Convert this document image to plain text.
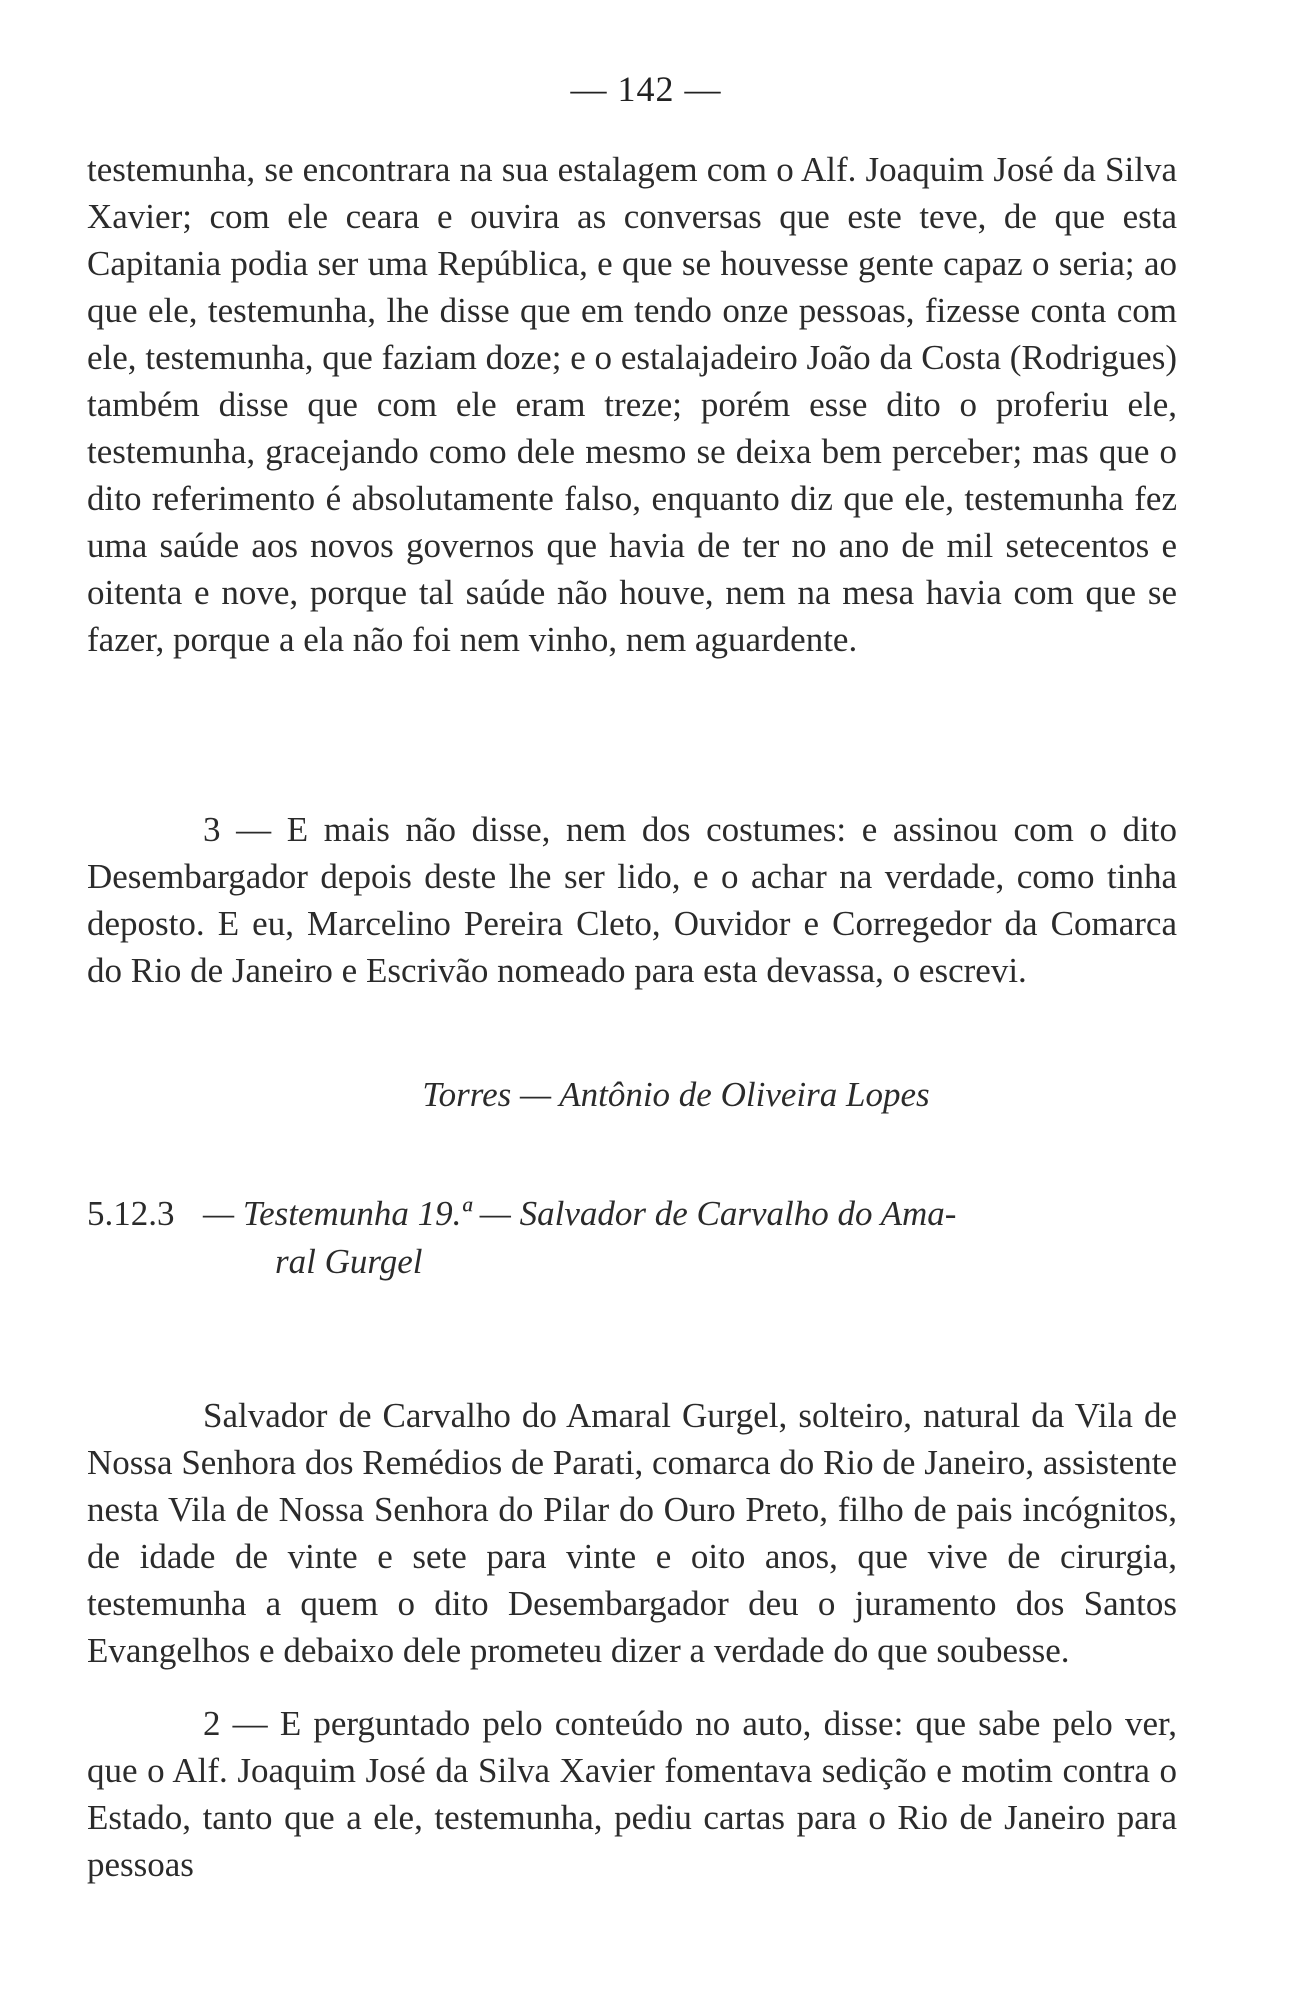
— 142 —

testemunha, se encontrara na sua estalagem com o Alf. Joaquim José da Silva Xavier; com ele ceara e ouvira as conversas que este teve, de que esta Capitania podia ser uma República, e que se houvesse gente capaz o seria; ao que ele, testemunha, lhe disse que em tendo onze pessoas, fizesse conta com ele, testemunha, que faziam doze; e o estalajadeiro João da Costa (Rodrigues) também disse que com ele eram treze; porém esse dito o proferiu ele, testemunha, gracejando como dele mesmo se deixa bem perceber; mas que o dito referimento é absolutamente falso, enquanto diz que ele, testemunha fez uma saúde aos novos governos que havia de ter no ano de mil setecentos e oitenta e nove, porque tal saúde não houve, nem na mesa havia com que se fazer, porque a ela não foi nem vinho, nem aguardente.

3 — E mais não disse, nem dos costumes: e assinou com o dito Desembargador depois deste lhe ser lido, e o achar na verdade, como tinha deposto. E eu, Marcelino Pereira Cleto, Ouvidor e Corregedor da Comarca do Rio de Janeiro e Escrivão nomeado para esta devassa, o escrevi.

Torres — Antônio de Oliveira Lopes
5.12.3 — Testemunha 19.ª — Salvador de Carvalho do Ama-
ral Gurgel

Salvador de Carvalho do Amaral Gurgel, solteiro, natural da Vila de Nossa Senhora dos Remédios de Parati, comarca do Rio de Janeiro, assistente nesta Vila de Nossa Senhora do Pilar do Ouro Preto, filho de pais incógnitos, de idade de vinte e sete para vinte e oito anos, que vive de cirurgia, testemunha a quem o dito Desembargador deu o juramento dos Santos Evangelhos e debaixo dele prometeu dizer a verdade do que soubesse.

2 — E perguntado pelo conteúdo no auto, disse: que sabe pelo ver, que o Alf. Joaquim José da Silva Xavier fomentava sedição e motim contra o Estado, tanto que a ele, testemunha, pediu cartas para o Rio de Janeiro para pessoas
